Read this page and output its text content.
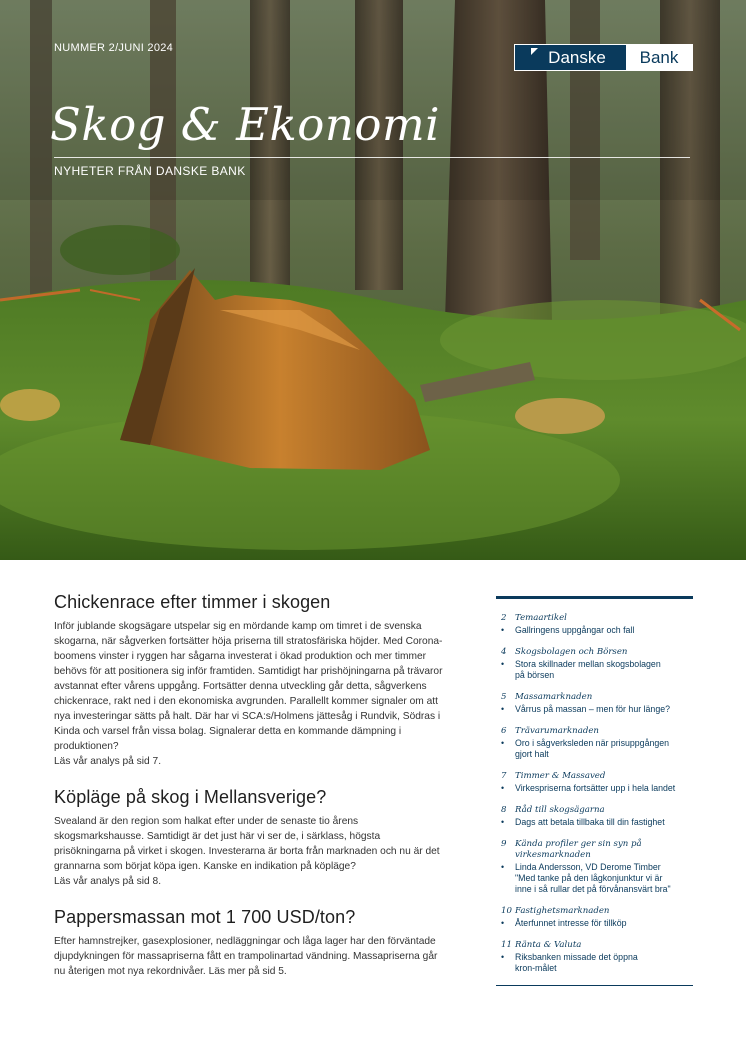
NUMMER 2/JUNI 2024	Danske	Bank
Skog & Ekonomi
NYHETER FRÅN DANSKE BANK
Chickenrace efter timmer i skogen

Inför jublande skogsägare utspelar sig en mördande kamp om timret i de svenska skogarna, när sågverken fortsätter höja priserna till stratosfäriska höjder. Med Corona-boomens vinster i ryggen har sågarna investerat i ökad produktion och mer timmer behövs för att positionera sig inför framtiden. Samtidigt har prishöjningarna på trävaror avstannat efter vårens uppgång. Fortsätter denna utveckling går detta, sågverkens chickenrace, rakt ned i den ekonomiska avgrunden. Parallellt kommer signaler om att nya investeringar sätts på halt. Där har vi SCA:s/Holmens jättesåg i Rundvik, Södras i Kinda och varsel från vissa bolag. Signalerar detta en kommande dämpning i produktionen?
Läs vår analys på sid 7.

Köpläge på skog i Mellansverige?

Svealand är den region som halkat efter under de senaste tio årens skogsmarkshausse. Samtidigt är det just här vi ser de, i särklass, högsta prisökningarna på virket i skogen. Investerarna är borta från marknaden och nu är det grannarna som börjat köpa igen. Kanske en indikation på köpläge?
Läs vår analys på sid 8.

Pappersmassan mot 1 700 USD/ton?

Efter hamnstrejker, gasexplosioner, nedläggningar och låga lager har den förväntade djupdykningen för massapriserna fått en trampolinartad vändning. Massapriserna går nu återigen mot nya rekordnivåer. Läs mer på sid 5.

2 Temaartikel
•	Gallringens uppgångar och fall
4 Skogsbolagen och Börsen
•	Stora skillnader mellan skogsbolagen
på börsen
5 Massamarknaden
•	Vårrus på massan – men för hur länge?
6 Trävarumarknaden
•	Oro i sågverksleden när prisuppgången
gjort halt
7 Timmer & Massaved
•	Virkespriserna fortsätter upp i hela landet
8 Råd till skogsägarna
•	Dags att betala tillbaka till din fastighet
9 Kända profiler ger sin syn på virkesmarknaden
•	Linda Andersson, VD Derome Timber
"Med tanke på den lågkonjunktur vi är
inne i så rullar det på förvånansvärt bra"
10 Fastighetsmarknaden
•	Återfunnet intresse för tillköp
11 Ränta & Valuta
•	Riksbanken missade det öppna
kron-målet
